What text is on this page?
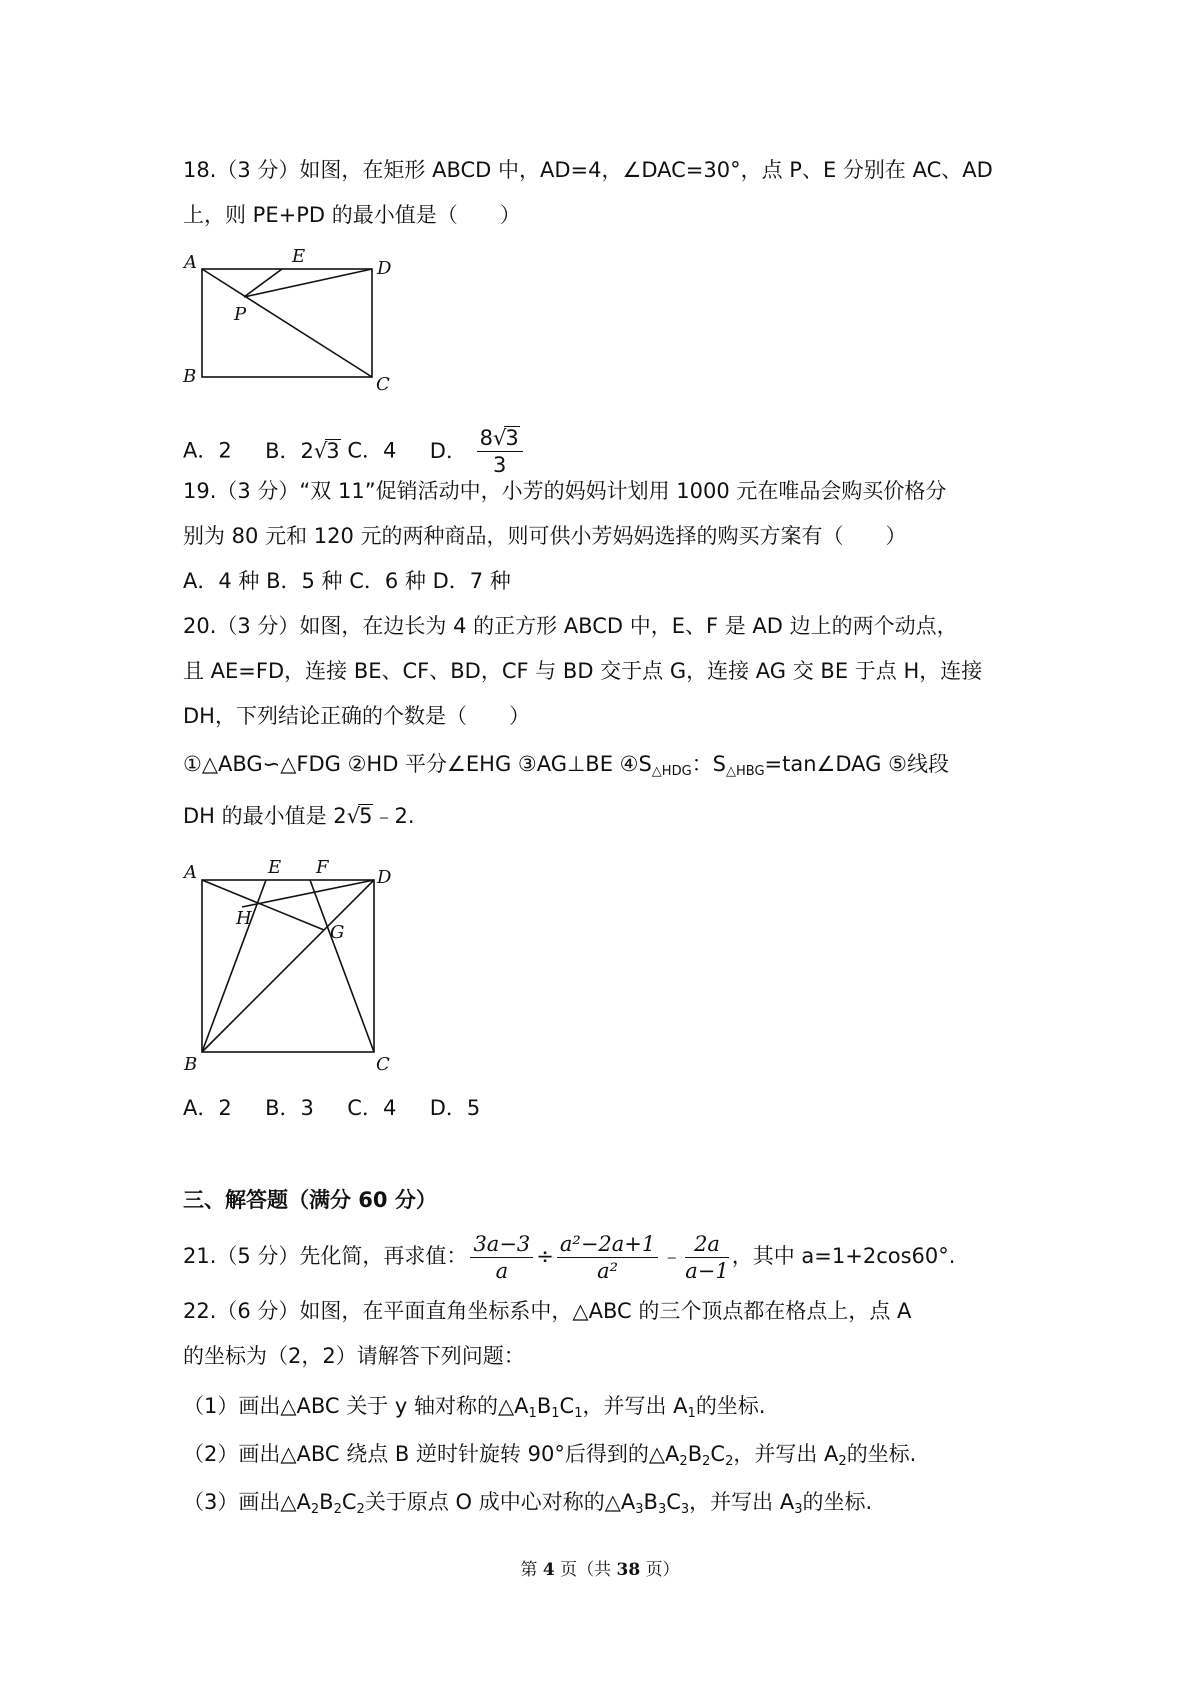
18.（3 分）如图，在矩形 ABCD 中，AD=4，∠DAC=30°，点 P、E 分别在 AC、AD
上，则 PE+PD 的最小值是（　　）
A	E
D
P
B	C
A．2 B．2√3 C．4 D． $\frac{8√3}{3}$
19.（3 分）“双 11”促销活动中，小芳的妈妈计划用 1000 元在唯品会购买价格分
别为 80 元和 120 元的两种商品，则可供小芳妈妈选择的购买方案有（　　）
A．4 种 B．5 种 C．6 种 D．7 种
20.（3 分）如图，在边长为 4 的正方形 ABCD 中，E、F 是 AD 边上的两个动点，
且 AE=FD，连接 BE、CF、BD，CF 与 BD 交于点 G，连接 AG 交 BE 于点 H，连接
DH，下列结论正确的个数是（　　）
①△ABG∽△FDG ②HD 平分∠EHG ③AG⊥BE $④S_{\triangle HDG}$：$S_{\triangle HBG}=\tan\angle DAG$ ⑤线段
DH 的最小值是 2√5﹣2.
A	E F	D
H
G
B	C
A．2 B．3 C．4 D．5
三、解答题（满分 60 分）
21.（5 分）先化简，再求值： $\frac{3a-3}{a} \div \frac{\text{a²−2a+1}}{\text{a²}}$ ﹣ $\frac{2a}{a-1}$ ，其中 a=1+2cos60°.
22.（6 分）如图，在平面直角坐标系中，△ABC 的三个顶点都在格点上，点 A
的坐标为（2，2）请解答下列问题：
（1）画出△ABC 关于 y 轴对称的$\triangle A_1B_1C_1$，并写出 $A_1$的坐标.
（2）画出△ABC 绕点 B 逆时针旋转 90°后得到的$\triangle A_2B_2C_2$，并写出 $A_2$的坐标.
（3）画出$\triangle A_2B_2C_2$关于原点 O 成中心对称的$\triangle A_3B_3C_3$，并写出 $A_3$的坐标.
第 4 页（共 38 页）
